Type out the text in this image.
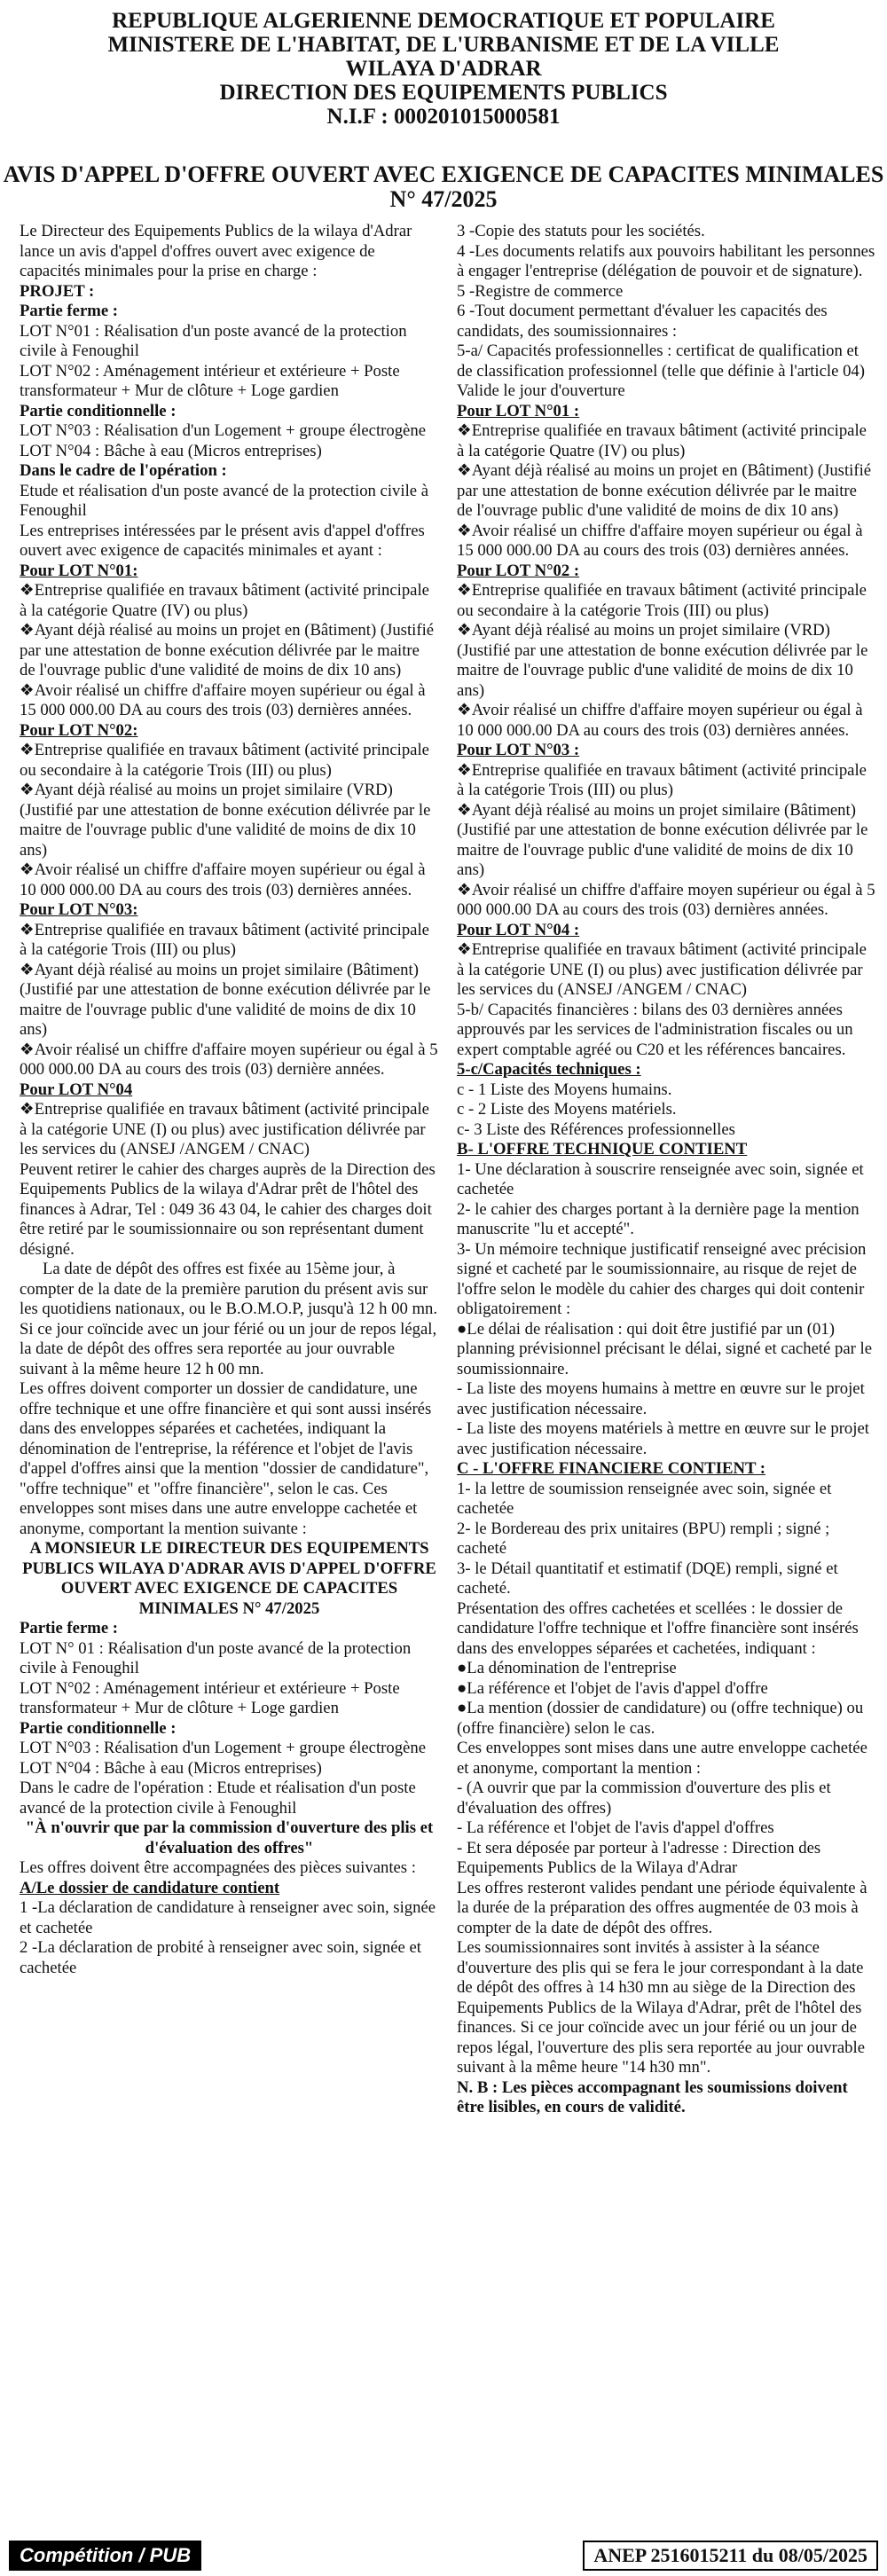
REPUBLIQUE ALGERIENNE DEMOCRATIQUE ET POPULAIRE
MINISTERE DE L'HABITAT, DE L'URBANISME ET DE LA VILLE
WILAYA D'ADRAR
DIRECTION DES EQUIPEMENTS PUBLICS
N.I.F : 000201015000581
AVIS D'APPEL D'OFFRE OUVERT AVEC EXIGENCE DE CAPACITES MINIMALES
N° 47/2025

Le Directeur des Equipements Publics de la wilaya d'Adrar lance un avis d'appel d'offres ouvert avec exigence de capacités minimales pour la prise en charge :

PROJET :

Partie ferme :

LOT N°01 : Réalisation d'un poste avancé de la protection civile à Fenoughil

LOT N°02 : Aménagement intérieur et extérieure + Poste transformateur + Mur de clôture + Loge gardien

Partie conditionnelle :

LOT N°03 : Réalisation d'un Logement + groupe électrogène

LOT N°04 : Bâche à eau (Micros entreprises)

Dans le cadre de l'opération :

Etude et réalisation d'un poste avancé de la protection civile à Fenoughil

Les entreprises intéressées par le présent avis d'appel d'offres ouvert avec exigence de capacités minimales et ayant :

Pour LOT N°01:

❖ Entreprise qualifiée en travaux bâtiment (activité principale à la catégorie Quatre (IV) ou plus)

❖ Ayant déjà réalisé au moins un projet en (Bâtiment) (Justifié par une attestation de bonne exécution délivrée par le maitre de l'ouvrage public d'une validité de moins de dix 10 ans)

❖ Avoir réalisé un chiffre d'affaire moyen supérieur ou égal à 15 000 000.00 DA au cours des trois (03) dernières années.

Pour LOT N°02:

❖ Entreprise qualifiée en travaux bâtiment (activité principale ou secondaire à la catégorie Trois (III) ou plus)

❖ Ayant déjà réalisé au moins un projet similaire (VRD) (Justifié par une attestation de bonne exécution délivrée par le maitre de l'ouvrage public d'une validité de moins de dix 10 ans)

❖ Avoir réalisé un chiffre d'affaire moyen supérieur ou égal à 10 000 000.00 DA au cours des trois (03) dernières années.

Pour LOT N°03:

❖ Entreprise qualifiée en travaux bâtiment (activité principale à la catégorie Trois (III) ou plus)

❖ Ayant déjà réalisé au moins un projet similaire (Bâtiment) (Justifié par une attestation de bonne exécution délivrée par le maitre de l'ouvrage public d'une validité de moins de dix 10 ans)

❖ Avoir réalisé un chiffre d'affaire moyen supérieur ou égal à 5 000 000.00 DA au cours des trois (03) dernière années.

Pour LOT N°04

❖ Entreprise qualifiée en travaux bâtiment (activité principale à la catégorie UNE (I) ou plus) avec justification délivrée par les services du (ANSEJ /ANGEM / CNAC)

Peuvent retirer le cahier des charges auprès de la Direction des Equipements Publics de la wilaya d'Adrar prêt de l'hôtel des finances à Adrar, Tel : 049 36 43 04, le cahier des charges doit être retiré par le soumissionnaire ou son représentant dument désigné.

La date de dépôt des offres est fixée au 15ème jour, à compter de la date de la première parution du présent avis sur les quotidiens nationaux, ou le B.O.M.O.P, jusqu'à 12 h 00 mn. Si ce jour coïncide avec un jour férié ou un jour de repos légal, la date de dépôt des offres sera reportée au jour ouvrable suivant à la même heure 12 h 00 mn.

Les offres doivent comporter un dossier de candidature, une offre technique et une offre financière et qui sont aussi insérés dans des enveloppes séparées et cachetées, indiquant la dénomination de l'entreprise, la référence et l'objet de l'avis d'appel d'offres ainsi que la mention "dossier de candidature", "offre technique" et "offre financière", selon le cas. Ces enveloppes sont mises dans une autre enveloppe cachetée et anonyme, comportant la mention suivante :

A MONSIEUR LE DIRECTEUR DES EQUIPEMENTS PUBLICS WILAYA D'ADRAR AVIS D'APPEL D'OFFRE OUVERT AVEC EXIGENCE DE CAPACITES MINIMALES N° 47/2025

Partie ferme :

LOT N° 01 : Réalisation d'un poste avancé de la protection civile à Fenoughil

LOT N°02 : Aménagement intérieur et extérieure + Poste transformateur + Mur de clôture + Loge gardien

Partie conditionnelle :

LOT N°03 : Réalisation d'un Logement + groupe électrogène

LOT N°04 : Bâche à eau (Micros entreprises)

Dans le cadre de l'opération : Etude et réalisation d'un poste avancé de la protection civile à Fenoughil

"À n'ouvrir que par la commission d'ouverture des plis et d'évaluation des offres"

Les offres doivent être accompagnées des pièces suivantes :

A/Le dossier de candidature contient

1 -La déclaration de candidature à renseigner avec soin, signée et cachetée

2 -La déclaration de probité à renseigner avec soin, signée et cachetée

3 -Copie des statuts pour les sociétés.

4 -Les documents relatifs aux pouvoirs habilitant les personnes à engager l'entreprise (délégation de pouvoir et de signature).

5 -Registre de commerce

6 -Tout document permettant d'évaluer les capacités des candidats, des soumissionnaires :

5-a/ Capacités professionnelles : certificat de qualification et de classification professionnel (telle que définie à l'article 04) Valide le jour d'ouverture

Pour LOT N°01 :

❖ Entreprise qualifiée en travaux bâtiment (activité principale à la catégorie Quatre (IV) ou plus)

❖ Ayant déjà réalisé au moins un projet en (Bâtiment) (Justifié par une attestation de bonne exécution délivrée par le maitre de l'ouvrage public d'une validité de moins de dix 10 ans)

❖ Avoir réalisé un chiffre d'affaire moyen supérieur ou égal à 15 000 000.00 DA au cours des trois (03) dernières années.

Pour LOT N°02 :

❖ Entreprise qualifiée en travaux bâtiment (activité principale ou secondaire à la catégorie Trois (III) ou plus)

❖ Ayant déjà réalisé au moins un projet similaire (VRD) (Justifié par une attestation de bonne exécution délivrée par le maitre de l'ouvrage public d'une validité de moins de dix 10 ans)

❖ Avoir réalisé un chiffre d'affaire moyen supérieur ou égal à 10 000 000.00 DA au cours des trois (03) dernières années.

Pour LOT N°03 :

❖ Entreprise qualifiée en travaux bâtiment (activité principale à la catégorie Trois (III) ou plus)

❖ Ayant déjà réalisé au moins un projet similaire (Bâtiment) (Justifié par une attestation de bonne exécution délivrée par le maitre de l'ouvrage public d'une validité de moins de dix 10 ans)

❖ Avoir réalisé un chiffre d'affaire moyen supérieur ou égal à 5 000 000.00 DA au cours des trois (03) dernières années.

Pour LOT N°04 :

❖ Entreprise qualifiée en travaux bâtiment (activité principale à la catégorie UNE (I) ou plus) avec justification délivrée par les services du (ANSEJ /ANGEM / CNAC)

5-b/ Capacités financières : bilans des 03 dernières années approuvés par les services de l'administration fiscales ou un expert comptable agréé ou C20 et les références bancaires.

5-c/Capacités techniques :

c - 1 Liste des Moyens humains.

c - 2 Liste des Moyens matériels.

c- 3 Liste des Références professionnelles

B- L'OFFRE TECHNIQUE CONTIENT

1- Une déclaration à souscrire renseignée avec soin, signée et cachetée

2- le cahier des charges portant à la dernière page la mention manuscrite "lu et accepté".

3- Un mémoire technique justificatif renseigné avec précision signé et cacheté par le soumissionnaire, au risque de rejet de l'offre selon le modèle du cahier des charges qui doit contenir obligatoirement :

● Le délai de réalisation : qui doit être justifié par un (01) planning prévisionnel précisant le délai, signé et cacheté par le soumissionnaire.

- La liste des moyens humains à mettre en œuvre sur le projet avec justification nécessaire.

- La liste des moyens matériels à mettre en œuvre sur le projet avec justification nécessaire.

C - L'OFFRE FINANCIERE CONTIENT :

1- la lettre de soumission renseignée avec soin, signée et cachetée

2- le Bordereau des prix unitaires (BPU) rempli ; signé ; cacheté

3- le Détail quantitatif et estimatif (DQE) rempli, signé et cacheté.

Présentation des offres cachetées et scellées : le dossier de candidature l'offre technique et l'offre financière sont insérés dans des enveloppes séparées et cachetées, indiquant :

● La dénomination de l'entreprise

● La référence et l'objet de l'avis d'appel d'offre

● La mention (dossier de candidature) ou (offre technique) ou (offre financière) selon le cas.

Ces enveloppes sont mises dans une autre enveloppe cachetée et anonyme, comportant la mention :

- (A ouvrir que par la commission d'ouverture des plis et d'évaluation des offres)

- La référence et l'objet de l'avis d'appel d'offres

- Et sera déposée par porteur à l'adresse : Direction des Equipements Publics de la Wilaya d'Adrar

Les offres resteront valides pendant une période équivalente à la durée de la préparation des offres augmentée de 03 mois à compter de la date de dépôt des offres.

Les soumissionnaires sont invités à assister à la séance d'ouverture des plis qui se fera le jour correspondant à la date de dépôt des offres à 14 h30 mn au siège de la Direction des Equipements Publics de la Wilaya d'Adrar, prêt de l'hôtel des finances. Si ce jour coïncide avec un jour férié ou un jour de repos légal, l'ouverture des plis sera reportée au jour ouvrable suivant à la même heure "14 h30 mn".

N. B : Les pièces accompagnant les soumissions doivent être lisibles, en cours de validité.

Compétition / PUB	ANEP 2516015211 du 08/05/2025
